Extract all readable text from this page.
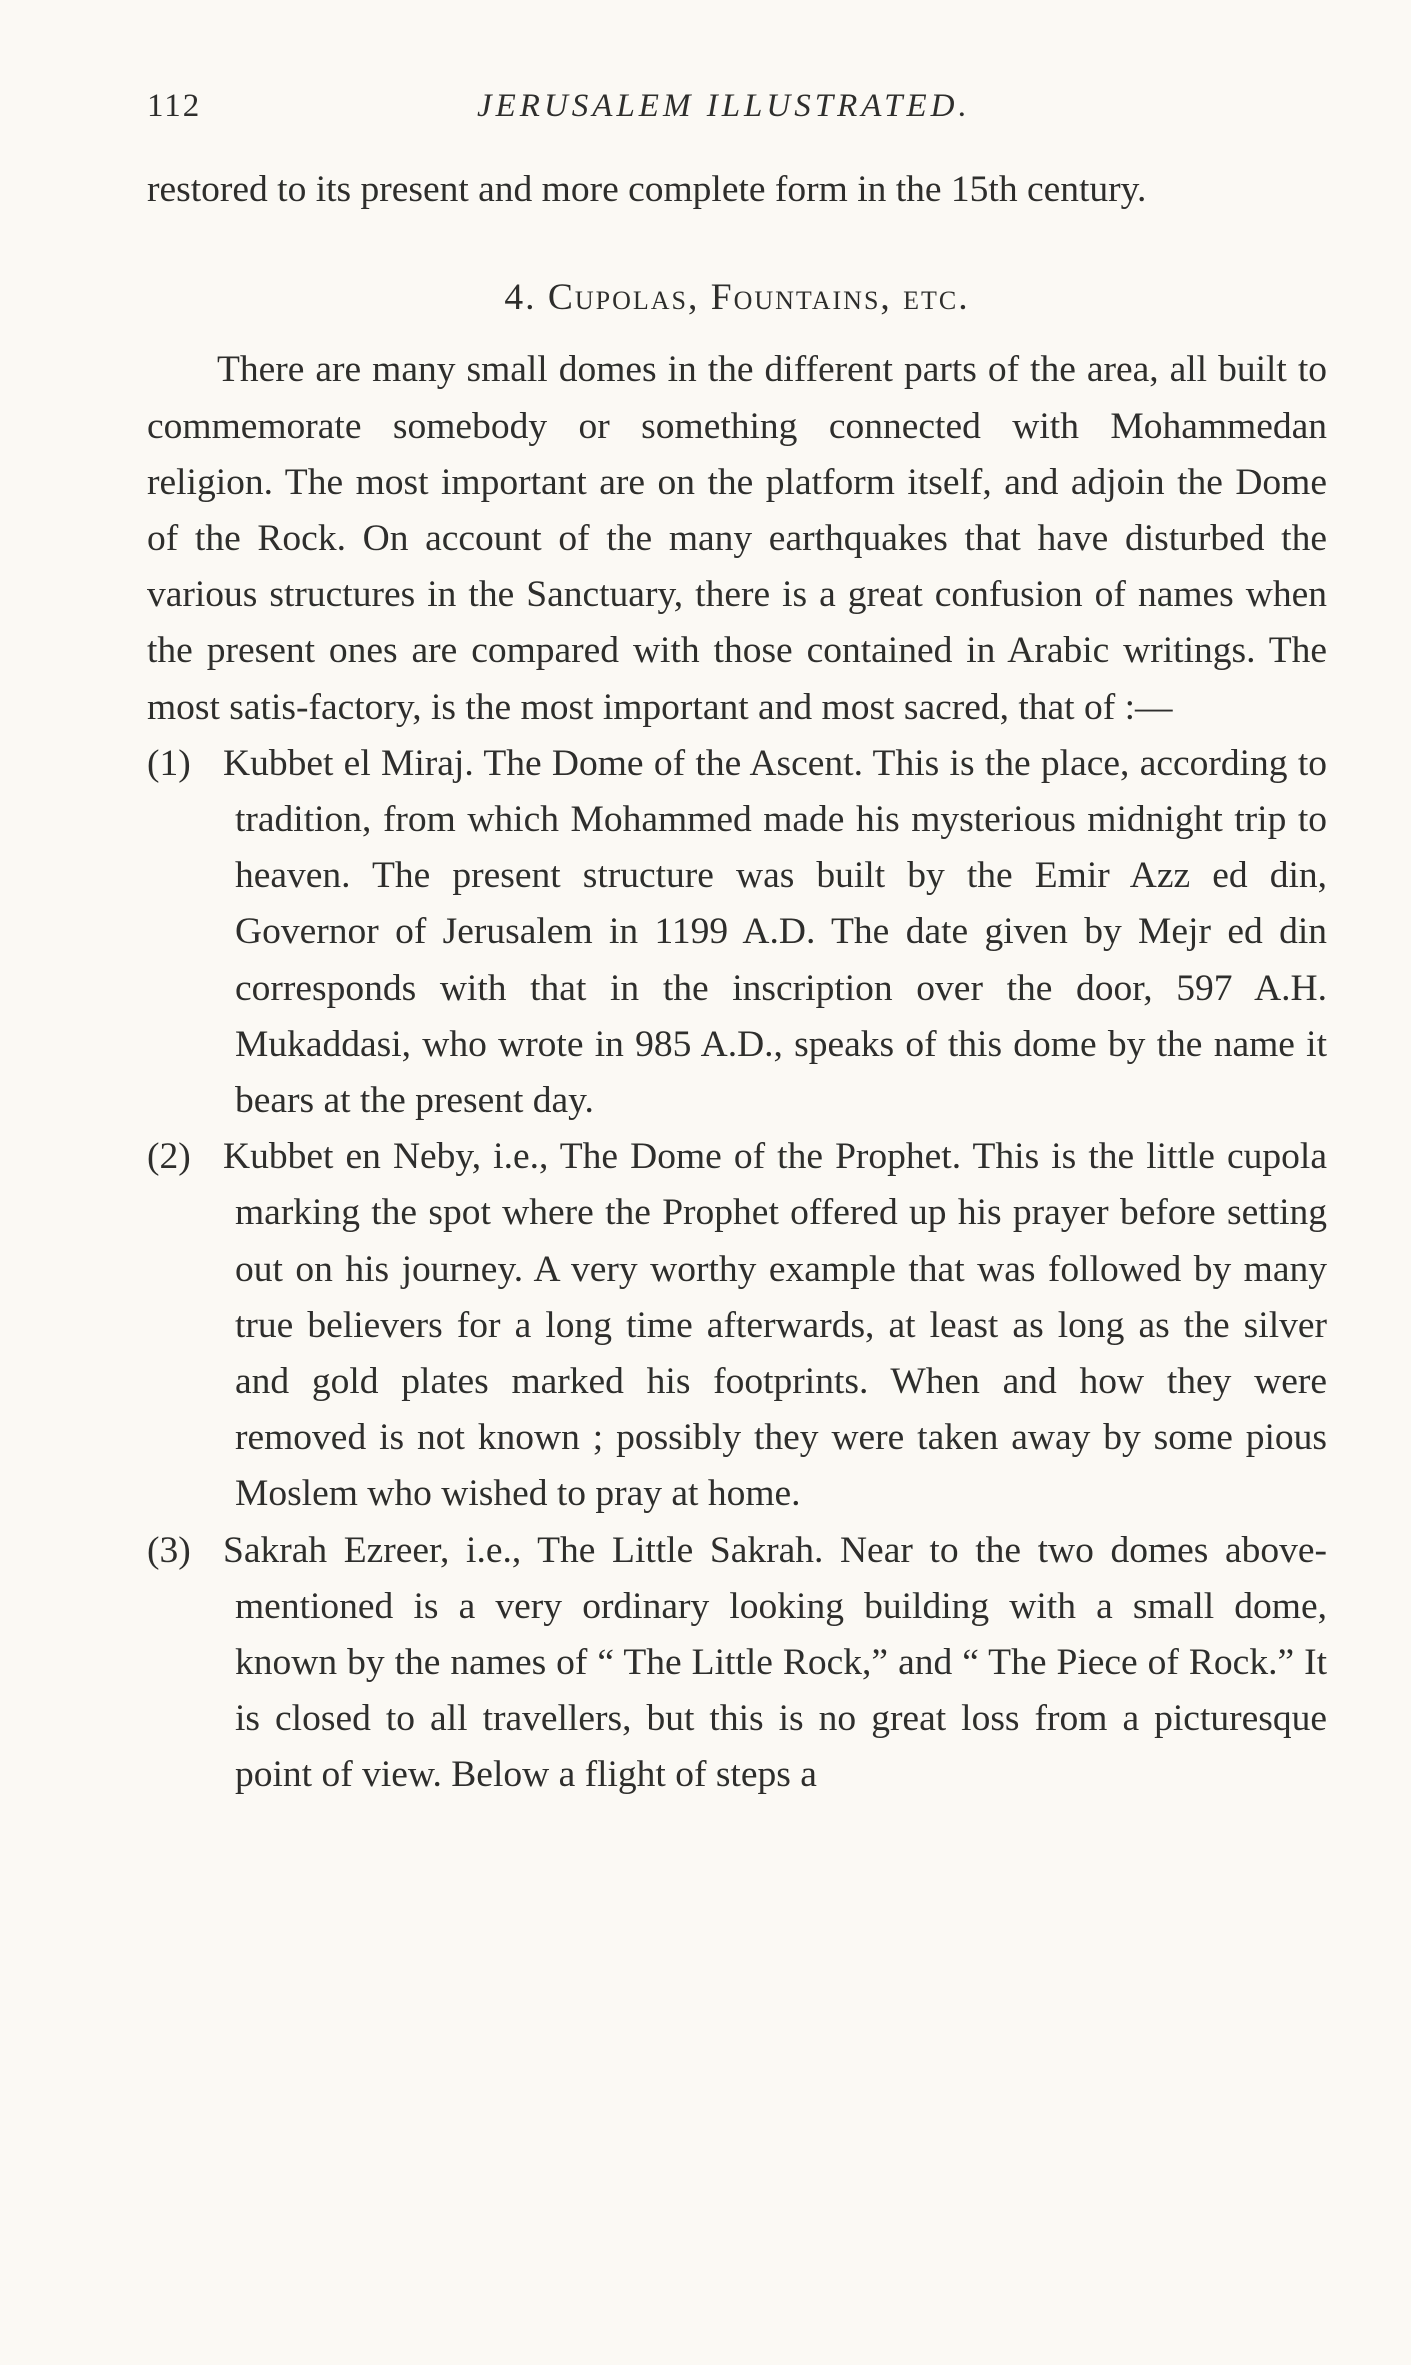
112	JERUSALEM ILLUSTRATED.

restored to its present and more complete form in the 15th century.

4. Cupolas, Fountains, etc.

There are many small domes in the different parts of the area, all built to commemorate somebody or something connected with Mohammedan religion. The most important are on the platform itself, and adjoin the Dome of the Rock. On account of the many earthquakes that have disturbed the various structures in the Sanctuary, there is a great confusion of names when the present ones are compared with those contained in Arabic writings. The most satis-factory, is the most important and most sacred, that of :—

(1) Kubbet el Miraj. The Dome of the Ascent. This is the place, according to tradition, from which Mohammed made his mysterious midnight trip to heaven. The present structure was built by the Emir Azz ed din, Governor of Jerusalem in 1199 A.D. The date given by Mejr ed din corresponds with that in the inscription over the door, 597 A.H. Mukaddasi, who wrote in 985 A.D., speaks of this dome by the name it bears at the present day.

(2) Kubbet en Neby, i.e., The Dome of the Prophet. This is the little cupola marking the spot where the Prophet offered up his prayer before setting out on his journey. A very worthy example that was followed by many true believers for a long time afterwards, at least as long as the silver and gold plates marked his footprints. When and how they were removed is not known ; possibly they were taken away by some pious Moslem who wished to pray at home.

(3) Sakrah Ezreer, i.e., The Little Sakrah. Near to the two domes above-mentioned is a very ordinary looking building with a small dome, known by the names of “ The Little Rock,” and “ The Piece of Rock.” It is closed to all travellers, but this is no great loss from a picturesque point of view. Below a flight of steps a
